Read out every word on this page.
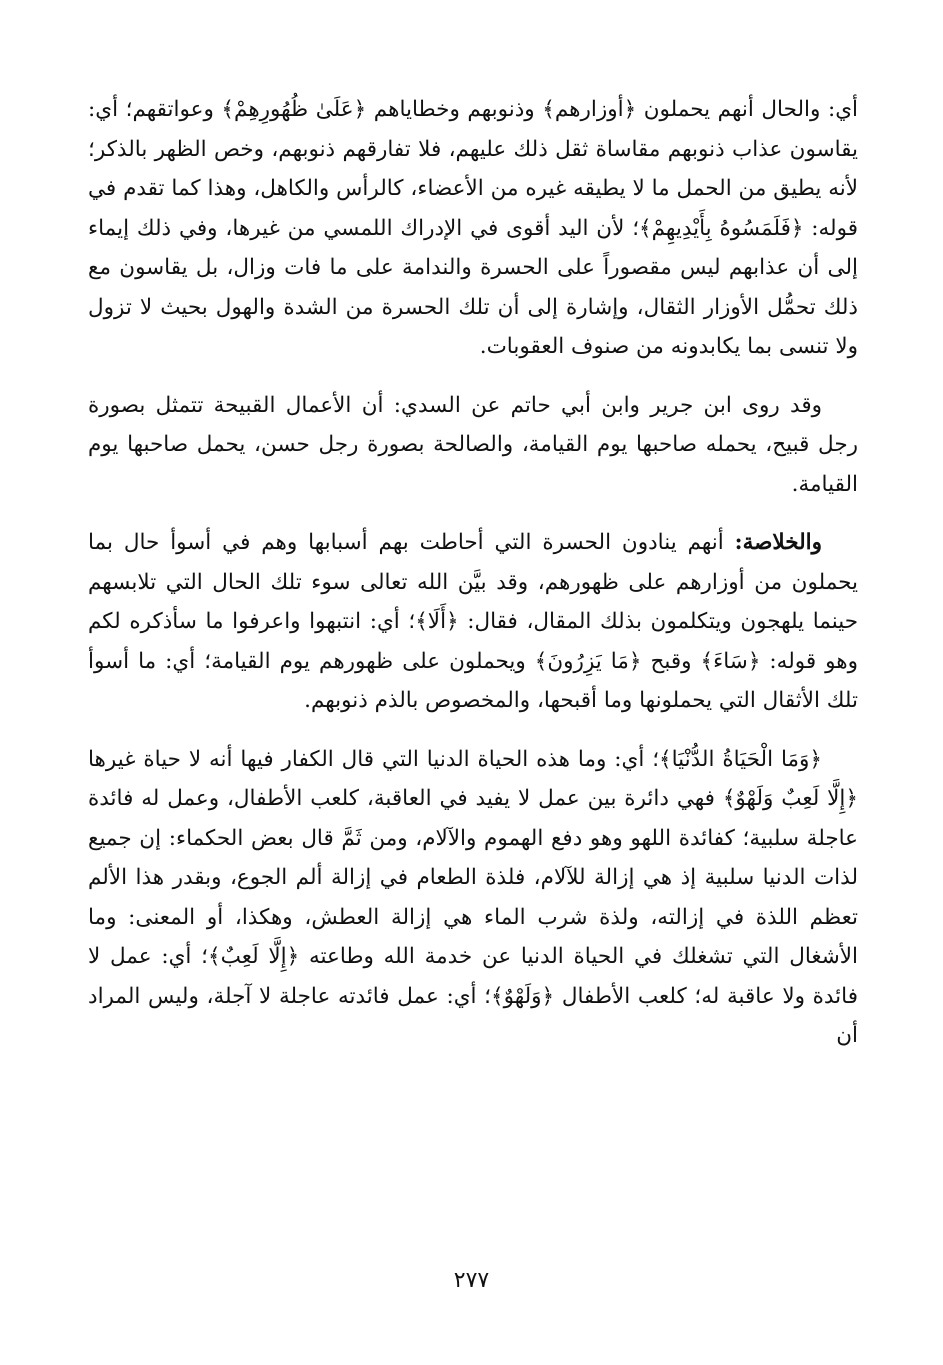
أي: والحال أنهم يحملون ﴿أوزارهم﴾ وذنوبهم وخطاياهم ﴿عَلَىٰ ظُهُورِهِمْ﴾ وعواتقهم؛ أي: يقاسون عذاب ذنوبهم مقاساة ثقل ذلك عليهم، فلا تفارقهم ذنوبهم، وخص الظهر بالذكر؛ لأنه يطيق من الحمل ما لا يطيقه غيره من الأعضاء، كالرأس والكاهل، وهذا كما تقدم في قوله: ﴿فَلَمَسُوهُ بِأَيْدِيهِمْ﴾؛ لأن اليد أقوى في الإدراك اللمسي من غيرها، وفي ذلك إيماء إلى أن عذابهم ليس مقصوراً على الحسرة والندامة على ما فات وزال، بل يقاسون مع ذلك تحمُّل الأوزار الثقال، وإشارة إلى أن تلك الحسرة من الشدة والهول بحيث لا تزول ولا تنسى بما يكابدونه من صنوف العقوبات.

وقد روى ابن جرير وابن أبي حاتم عن السدي: أن الأعمال القبيحة تتمثل بصورة رجل قبيح، يحمله صاحبها يوم القيامة، والصالحة بصورة رجل حسن، يحمل صاحبها يوم القيامة.

والخلاصة: أنهم ينادون الحسرة التي أحاطت بهم أسبابها وهم في أسوأ حال بما يحملون من أوزارهم على ظهورهم، وقد بيَّن الله تعالى سوء تلك الحال التي تلابسهم حينما يلهجون ويتكلمون بذلك المقال، فقال: ﴿أَلَا﴾؛ أي: انتبهوا واعرفوا ما سأذكره لكم وهو قوله: ﴿سَاءَ﴾ وقبح ﴿مَا يَزِرُونَ﴾ ويحملون على ظهورهم يوم القيامة؛ أي: ما أسوأ تلك الأثقال التي يحملونها وما أقبحها، والمخصوص بالذم ذنوبهم.

﴿وَمَا الْحَيَاةُ الدُّنْيَا﴾؛ أي: وما هذه الحياة الدنيا التي قال الكفار فيها أنه لا حياة غيرها ﴿إِلَّا لَعِبٌ وَلَهْوٌ﴾ فهي دائرة بين عمل لا يفيد في العاقبة، كلعب الأطفال، وعمل له فائدة عاجلة سلبية؛ كفائدة اللهو وهو دفع الهموم والآلام، ومن ثَمَّ قال بعض الحكماء: إن جميع لذات الدنيا سلبية إذ هي إزالة للآلام، فلذة الطعام في إزالة ألم الجوع، وبقدر هذا الألم تعظم اللذة في إزالته، ولذة شرب الماء هي إزالة العطش، وهكذا، أو المعنى: وما الأشغال التي تشغلك في الحياة الدنيا عن خدمة الله وطاعته ﴿إِلَّا لَعِبٌ﴾؛ أي: عمل لا فائدة ولا عاقبة له؛ كلعب الأطفال ﴿وَلَهْوٌ﴾؛ أي: عمل فائدته عاجلة لا آجلة، وليس المراد أن

٢٧٧
